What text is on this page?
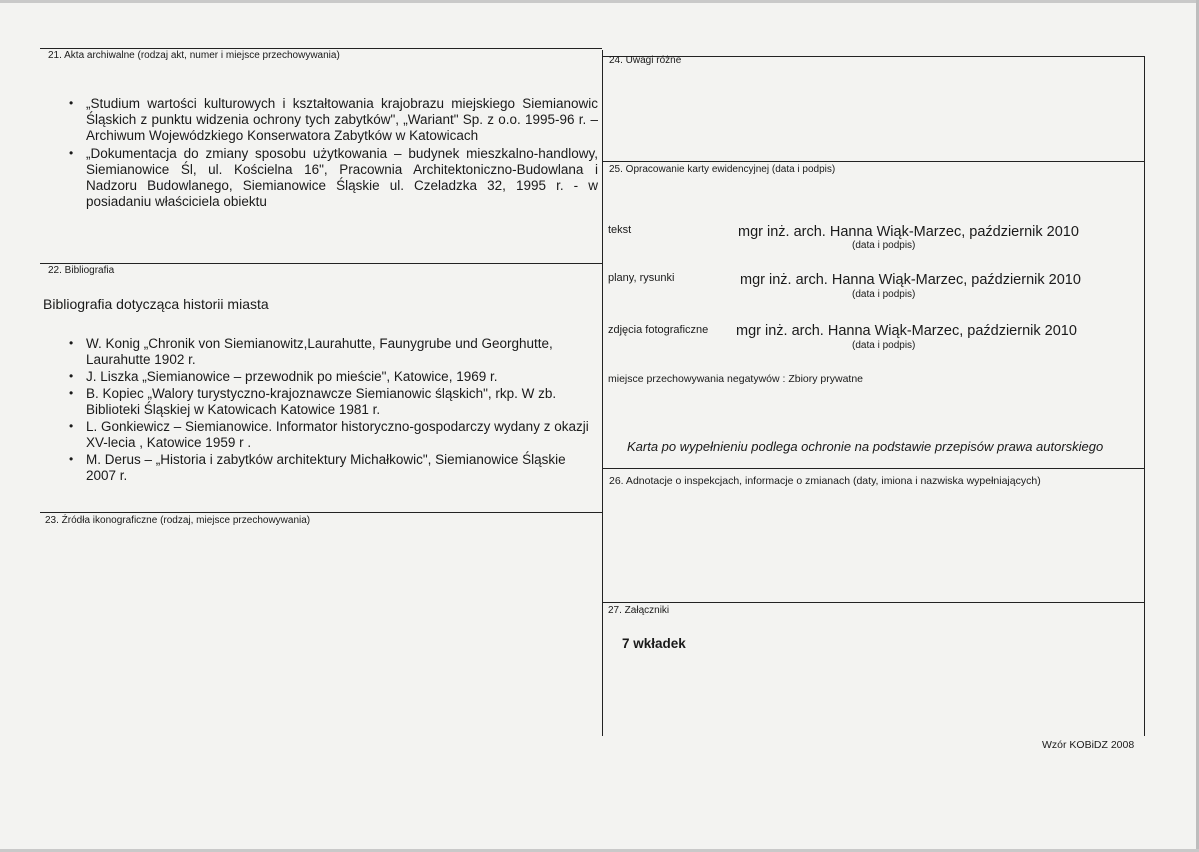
21. Akta archiwalne (rodzaj akt, numer i miejsce przechowywania)
• „Studium wartości kulturowych i kształtowania krajobrazu miejskiego Siemianowic Śląskich z punktu widzenia ochrony tych zabytków", „Wariant" Sp. z o.o. 1995-96 r. – Archiwum Wojewódzkiego Konserwatora Zabytków w Katowicach
• „Dokumentacja do zmiany sposobu użytkowania – budynek mieszkalno-handlowy, Siemianowice Śl, ul. Kościelna 16", Pracownia Architektoniczno-Budowlana i Nadzoru Budowlanego, Siemianowice Śląskie ul. Czeladzka 32, 1995 r. - w posiadaniu właściciela obiektu
22. Bibliografia
Bibliografia dotycząca historii miasta
• W. Konig „Chronik von Siemianowitz,Laurahutte, Faunygrube und Georghutte, Laurahutte 1902 r.
• J. Liszka „Siemianowice – przewodnik po mieście", Katowice, 1969 r.
• B. Kopiec „Walory turystyczno-krajoznawcze Siemianowic śląskich", rkp. W zb. Biblioteki Śląskiej w Katowicach Katowice 1981 r.
• L. Gonkiewicz – Siemianowice. Informator historyczno-gospodarczy wydany z okazji XV-lecia , Katowice 1959 r .
• M. Derus – „Historia i zabytków architektury Michałkowic", Siemianowice Śląskie 2007 r.
23. Źródła ikonograficzne (rodzaj, miejsce przechowywania)
24. Uwagi różne
25. Opracowanie karty ewidencyjnej (data i podpis)
tekst	mgr inż. arch. Hanna Wiąk-Marzec, październik 2010
(data i podpis)
plany, rysunki	mgr inż. arch. Hanna Wiąk-Marzec, październik 2010
(data i podpis)
zdjęcia fotograficzne mgr inż. arch. Hanna Wiąk-Marzec, październik 2010
(data i podpis)
miejsce przechowywania negatywów : Zbiory prywatne
Karta po wypełnieniu podlega ochronie na podstawie przepisów prawa autorskiego
26. Adnotacje o inspekcjach, informacje o zmianach (daty, imiona i nazwiska wypełniających)
27. Załączniki
7 wkładek
Wzór KOBiDZ 2008
